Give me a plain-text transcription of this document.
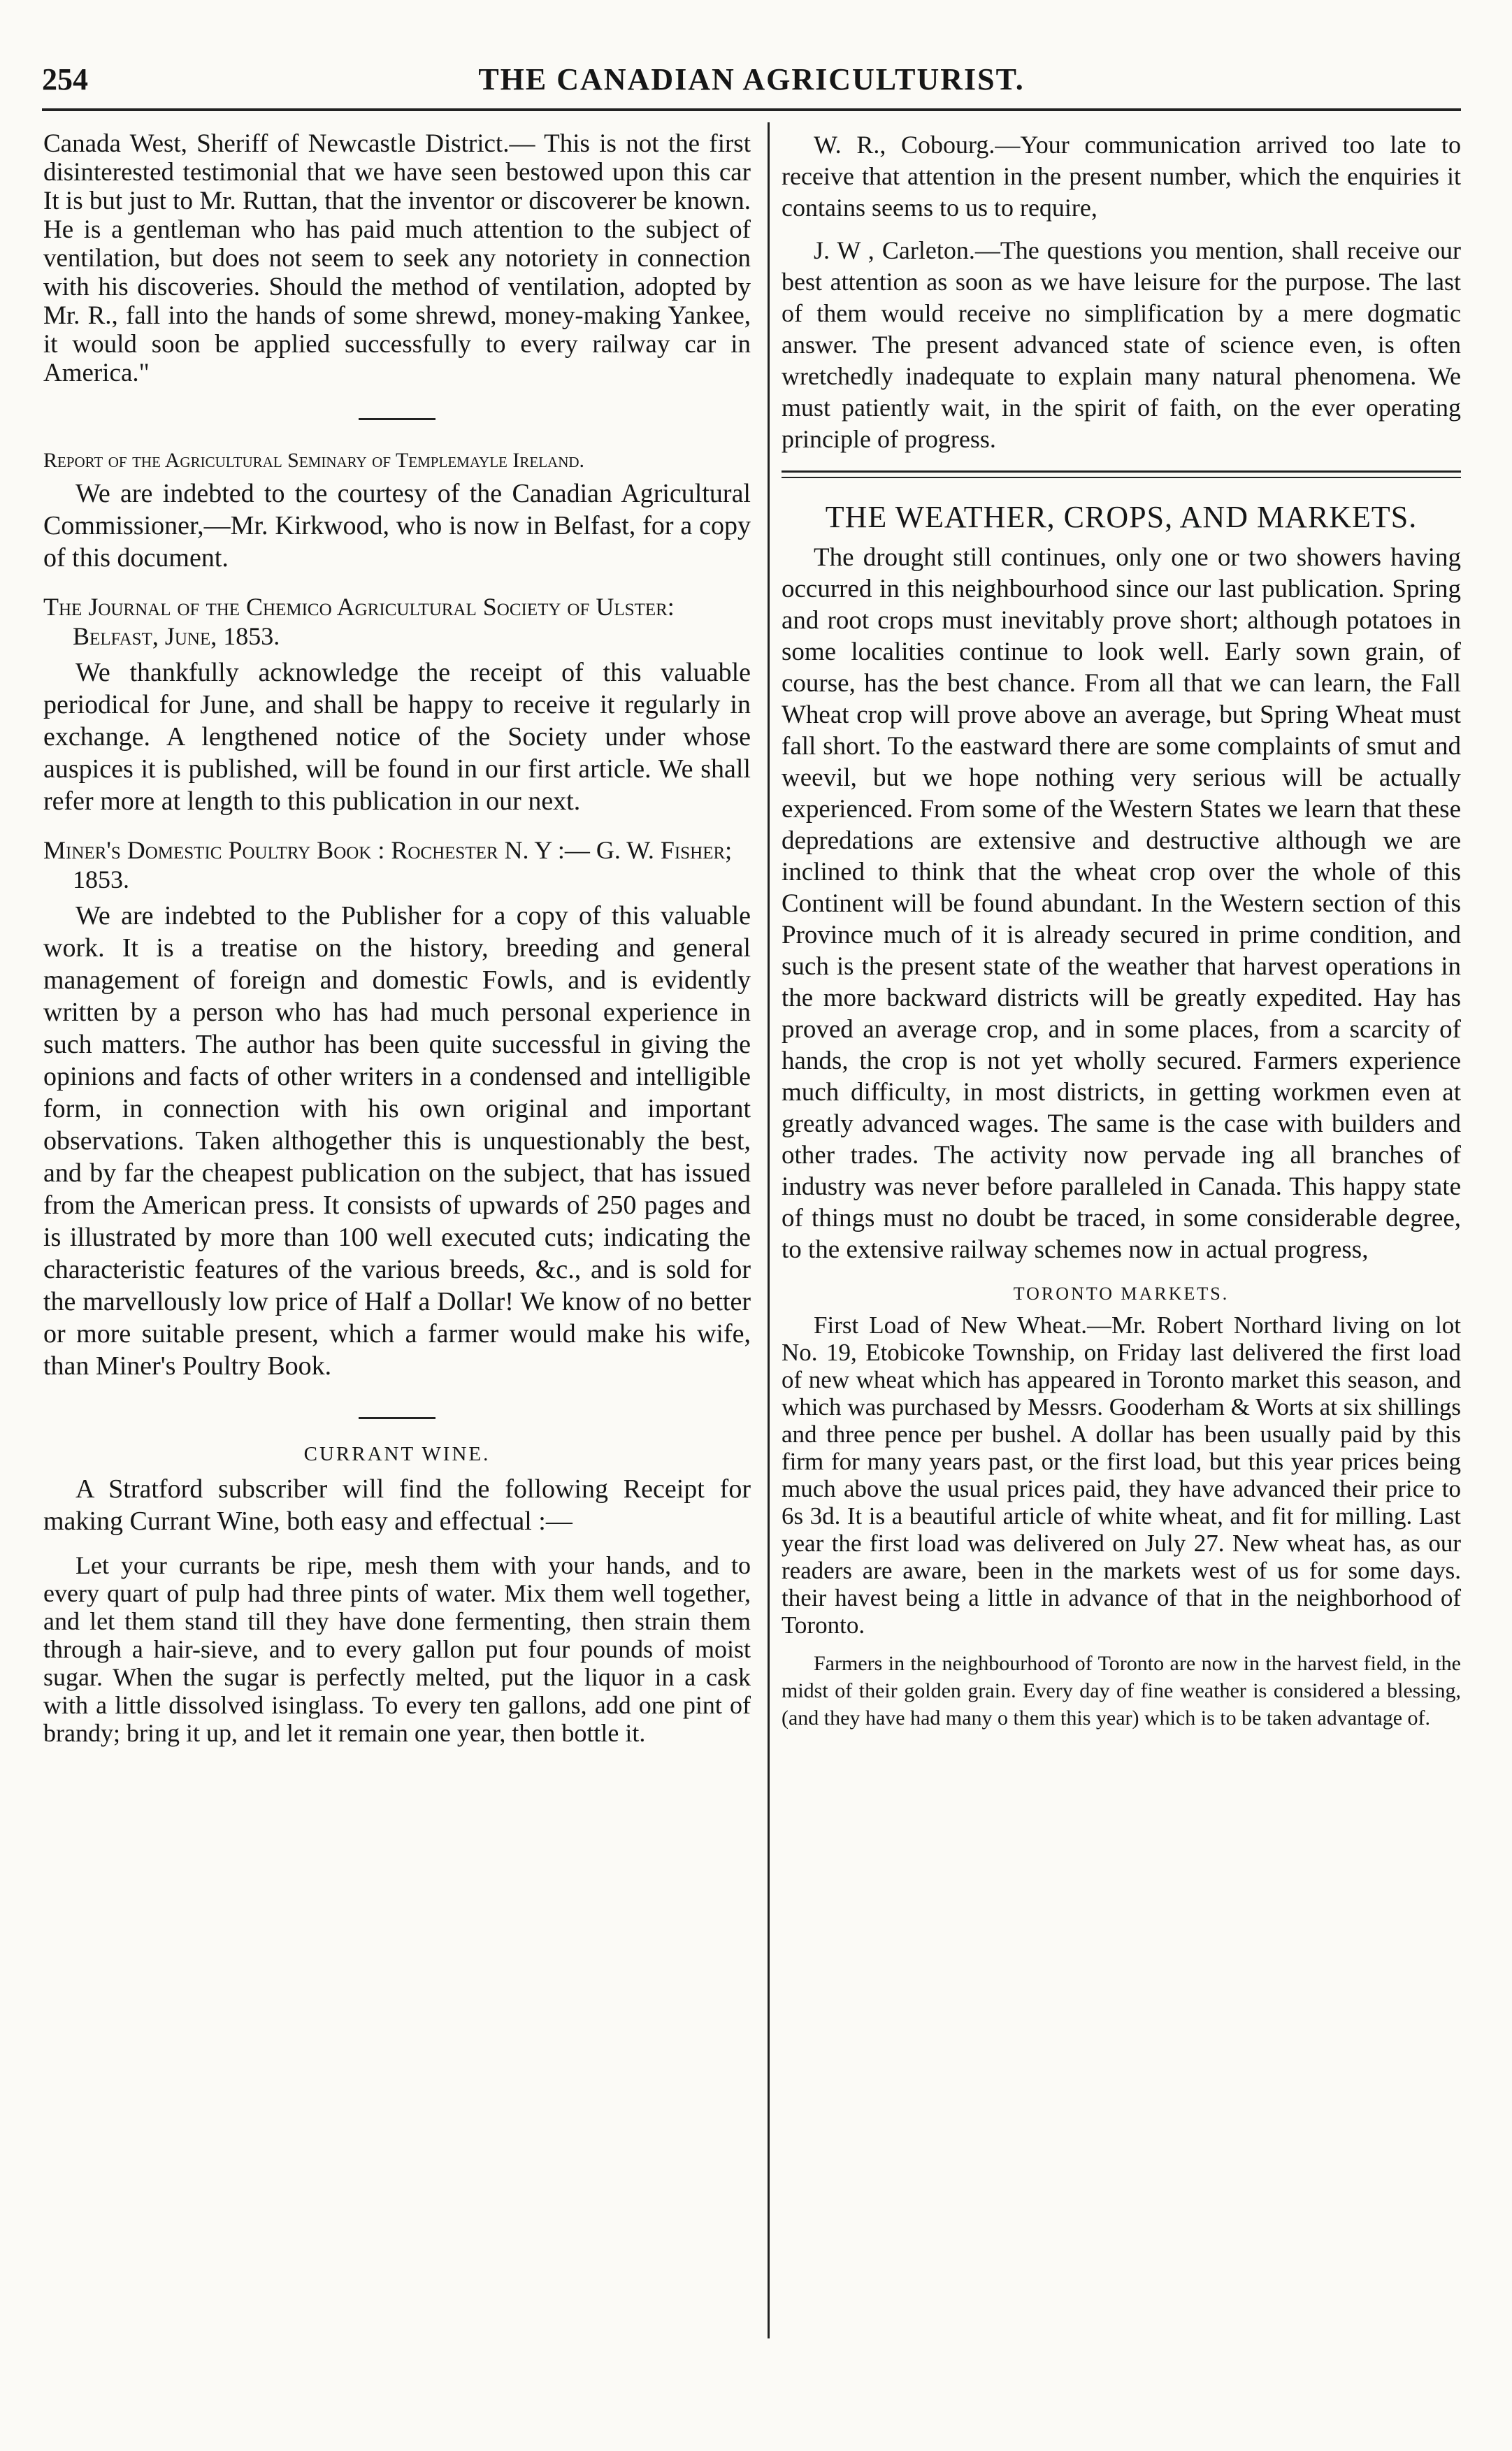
254	THE CANADIAN AGRICULTURIST.

Canada West, Sheriff of Newcastle District.— This is not the first disinterested testimonial that we have seen bestowed upon this car It is but just to Mr. Ruttan, that the inventor or discoverer be known. He is a gentleman who has paid much attention to the subject of ventilation, but does not seem to seek any notoriety in connection with his discoveries. Should the method of ventilation, adopted by Mr. R., fall into the hands of some shrewd, money-making Yankee, it would soon be applied successfully to every railway car in America."

Report of the Agricultural Seminary of Templemayle Ireland.

We are indebted to the courtesy of the Canadian Agricultural Commissioner,—Mr. Kirkwood, who is now in Belfast, for a copy of this document.

The Journal of the Chemico Agricultural Society of Ulster: Belfast, June, 1853.

We thankfully acknowledge the receipt of this valuable periodical for June, and shall be happy to receive it regularly in exchange. A lengthened notice of the Society under whose auspices it is published, will be found in our first article. We shall refer more at length to this publication in our next.

Miner's Domestic Poultry Book : Rochester N. Y :— G. W. Fisher; 1853.

We are indebted to the Publisher for a copy of this valuable work. It is a treatise on the history, breeding and general management of foreign and domestic Fowls, and is evidently written by a person who has had much personal experience in such matters. The author has been quite successful in giving the opinions and facts of other writers in a condensed and intelligible form, in connection with his own original and important observations. Taken althogether this is unquestionably the best, and by far the cheapest publication on the subject, that has issued from the American press. It consists of upwards of 250 pages and is illustrated by more than 100 well executed cuts; indicating the characteristic features of the various breeds, &c., and is sold for the marvellously low price of Half a Dollar! We know of no better or more suitable present, which a farmer would make his wife, than Miner's Poultry Book.

CURRANT WINE.

A Stratford subscriber will find the following Receipt for making Currant Wine, both easy and effectual :—

Let your currants be ripe, mesh them with your hands, and to every quart of pulp had three pints of water. Mix them well together, and let them stand till they have done fermenting, then strain them through a hair-sieve, and to every gallon put four pounds of moist sugar. When the sugar is perfectly melted, put the liquor in a cask with a little dissolved isinglass. To every ten gallons, add one pint of brandy; bring it up, and let it remain one year, then bottle it.

W. R., Cobourg.—Your communication arrived too late to receive that attention in the present number, which the enquiries it contains seems to us to require,

J. W , Carleton.—The questions you mention, shall receive our best attention as soon as we have leisure for the purpose. The last of them would receive no simplification by a mere dogmatic answer. The present advanced state of science even, is often wretchedly inadequate to explain many natural phenomena. We must patiently wait, in the spirit of faith, on the ever operating principle of progress.

THE WEATHER, CROPS, AND MARKETS.

The drought still continues, only one or two showers having occurred in this neighbourhood since our last publication. Spring and root crops must inevitably prove short; although potatoes in some localities continue to look well. Early sown grain, of course, has the best chance. From all that we can learn, the Fall Wheat crop will prove above an average, but Spring Wheat must fall short. To the eastward there are some complaints of smut and weevil, but we hope nothing very serious will be actually experienced. From some of the Western States we learn that these depredations are extensive and destructive although we are inclined to think that the wheat crop over the whole of this Continent will be found abundant. In the Western section of this Province much of it is already secured in prime condition, and such is the present state of the weather that harvest operations in the more backward districts will be greatly expedited. Hay has proved an average crop, and in some places, from a scarcity of hands, the crop is not yet wholly secured. Farmers experience much difficulty, in most districts, in getting workmen even at greatly advanced wages. The same is the case with builders and other trades. The activity now pervade ing all branches of industry was never before paralleled in Canada. This happy state of things must no doubt be traced, in some considerable degree, to the extensive railway schemes now in actual progress,

TORONTO MARKETS.

First Load of New Wheat.—Mr. Robert Northard living on lot No. 19, Etobicoke Township, on Friday last delivered the first load of new wheat which has appeared in Toronto market this season, and which was purchased by Messrs. Gooderham & Worts at six shillings and three pence per bushel. A dollar has been usually paid by this firm for many years past, or the first load, but this year prices being much above the usual prices paid, they have advanced their price to 6s 3d. It is a beautiful article of white wheat, and fit for milling. Last year the first load was delivered on July 27. New wheat has, as our readers are aware, been in the markets west of us for some days. their havest being a little in advance of that in the neighborhood of Toronto.

Farmers in the neighbourhood of Toronto are now in the harvest field, in the midst of their golden grain. Every day of fine weather is considered a blessing, (and they have had many o them this year) which is to be taken advantage of.
